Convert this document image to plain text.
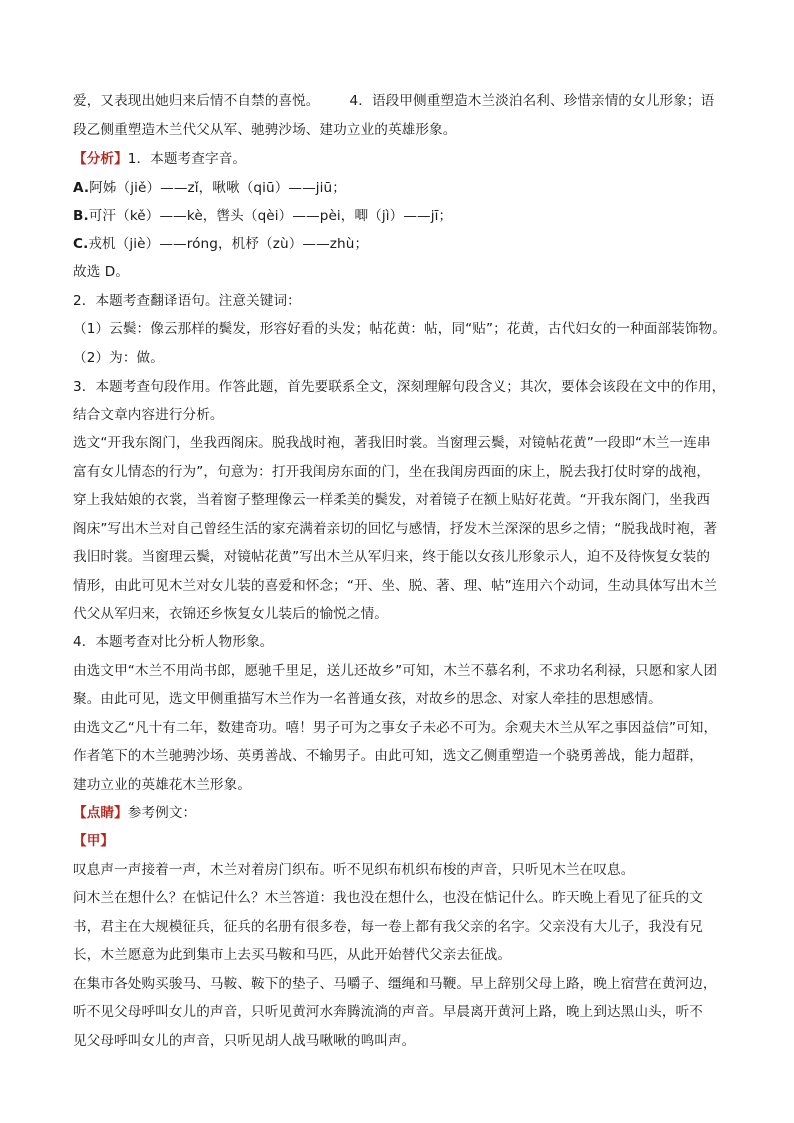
爱，又表现出她归来后情不自禁的喜悦。 4．语段甲侧重塑造木兰淡泊名利、珍惜亲情的女儿形象；语
段乙侧重塑造木兰代父从军、驰骋沙场、建功立业的英雄形象。
【分析】1．本题考查字音。
A.阿姊（jiě）——zǐ，啾啾（qiū）——jiū；
B.可汗（kě）——kè，辔头（qèi）——pèi，唧（jì）——jī；
C.戎机（jiè）——róng，机杼（zù）——zhù；
故选 D。
2．本题考查翻译语句。注意关键词：
（1）云鬓：像云那样的鬓发，形容好看的头发；帖花黄：帖，同“贴”；花黄，古代妇女的一种面部装饰物。
（2）为：做。
3．本题考查句段作用。作答此题，首先要联系全文，深刻理解句段含义；其次，要体会该段在文中的作用，
结合文章内容进行分析。
选文“开我东阁门，坐我西阁床。脱我战时袍，著我旧时裳。当窗理云鬓，对镜帖花黄”一段即“木兰一连串
富有女儿情态的行为”，句意为：打开我闺房东面的门，坐在我闺房西面的床上，脱去我打仗时穿的战袍，
穿上我姑娘的衣裳，当着窗子整理像云一样柔美的鬓发，对着镜子在额上贴好花黄。“开我东阁门，坐我西
阁床”写出木兰对自己曾经生活的家充满着亲切的回忆与感情，抒发木兰深深的思乡之情；“脱我战时袍，著
我旧时裳。当窗理云鬓，对镜帖花黄”写出木兰从军归来，终于能以女孩儿形象示人，迫不及待恢复女装的
情形，由此可见木兰对女儿装的喜爱和怀念；“开、坐、脱、著、理、帖”连用六个动词，生动具体写出木兰
代父从军归来，衣锦还乡恢复女儿装后的愉悦之情。
4．本题考查对比分析人物形象。
由选文甲“木兰不用尚书郎，愿驰千里足，送儿还故乡”可知，木兰不慕名利，不求功名利禄，只愿和家人团
聚。由此可见，选文甲侧重描写木兰作为一名普通女孩，对故乡的思念、对家人牵挂的思想感情。
由选文乙“凡十有二年，数建奇功。嘻！男子可为之事女子未必不可为。余观夫木兰从军之事因益信”可知，
作者笔下的木兰驰骋沙场、英勇善战、不输男子。由此可知，选文乙侧重塑造一个骁勇善战，能力超群，
建功立业的英雄花木兰形象。
【点睛】参考例文：
【甲】
叹息声一声接着一声，木兰对着房门织布。听不见织布机织布梭的声音，只听见木兰在叹息。
问木兰在想什么？在惦记什么？木兰答道：我也没在想什么，也没在惦记什么。昨天晚上看见了征兵的文
书，君主在大规模征兵，征兵的名册有很多卷，每一卷上都有我父亲的名字。父亲没有大儿子，我没有兄
长，木兰愿意为此到集市上去买马鞍和马匹，从此开始替代父亲去征战。
在集市各处购买骏马、马鞍、鞍下的垫子、马嚼子、缰绳和马鞭。早上辞别父母上路，晚上宿营在黄河边，
听不见父母呼叫女儿的声音，只听见黄河水奔腾流淌的声音。早晨离开黄河上路，晚上到达黑山头，听不
见父母呼叫女儿的声音，只听见胡人战马啾啾的鸣叫声。
